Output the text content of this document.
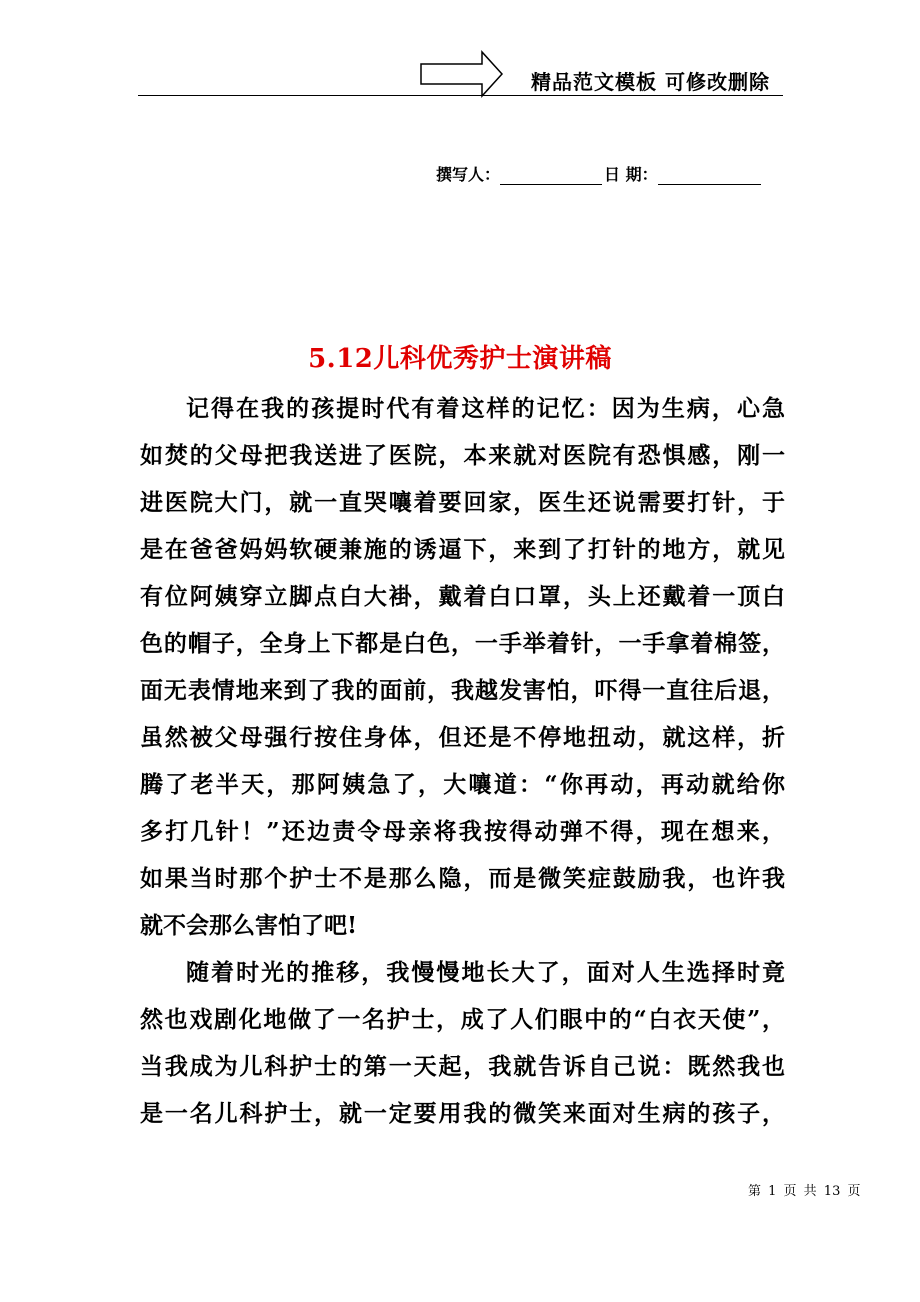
精品范文模板 可修改删除
撰写人：	日 期：
5.12儿科优秀护士演讲稿
记得在我的孩提时代有着这样的记忆：因为生病，心急
如焚的父母把我送进了医院，本来就对医院有恐惧感，刚一
进医院大门，就一直哭嚷着要回家，医生还说需要打针，于
是在爸爸妈妈软硬兼施的诱逼下，来到了打针的地方，就见
有位阿姨穿立脚点白大褂，戴着白口罩，头上还戴着一顶白
色的帽子，全身上下都是白色，一手举着针，一手拿着棉签，
面无表情地来到了我的面前，我越发害怕，吓得一直往后退，
虽然被父母强行按住身体，但还是不停地扭动，就这样，折
腾了老半天，那阿姨急了，大嚷道：“你再动，再动就给你
多打几针！”还边责令母亲将我按得动弹不得，现在想来，
如果当时那个护士不是那么隐，而是微笑症鼓励我，也许我
就不会那么害怕了吧!
随着时光的推移，我慢慢地长大了，面对人生选择时竟
然也戏剧化地做了一名护士，成了人们眼中的“白衣天使”，
当我成为儿科护士的第一天起，我就告诉自己说：既然我也
是一名儿科护士，就一定要用我的微笑来面对生病的孩子，
第 1 页 共 13 页
